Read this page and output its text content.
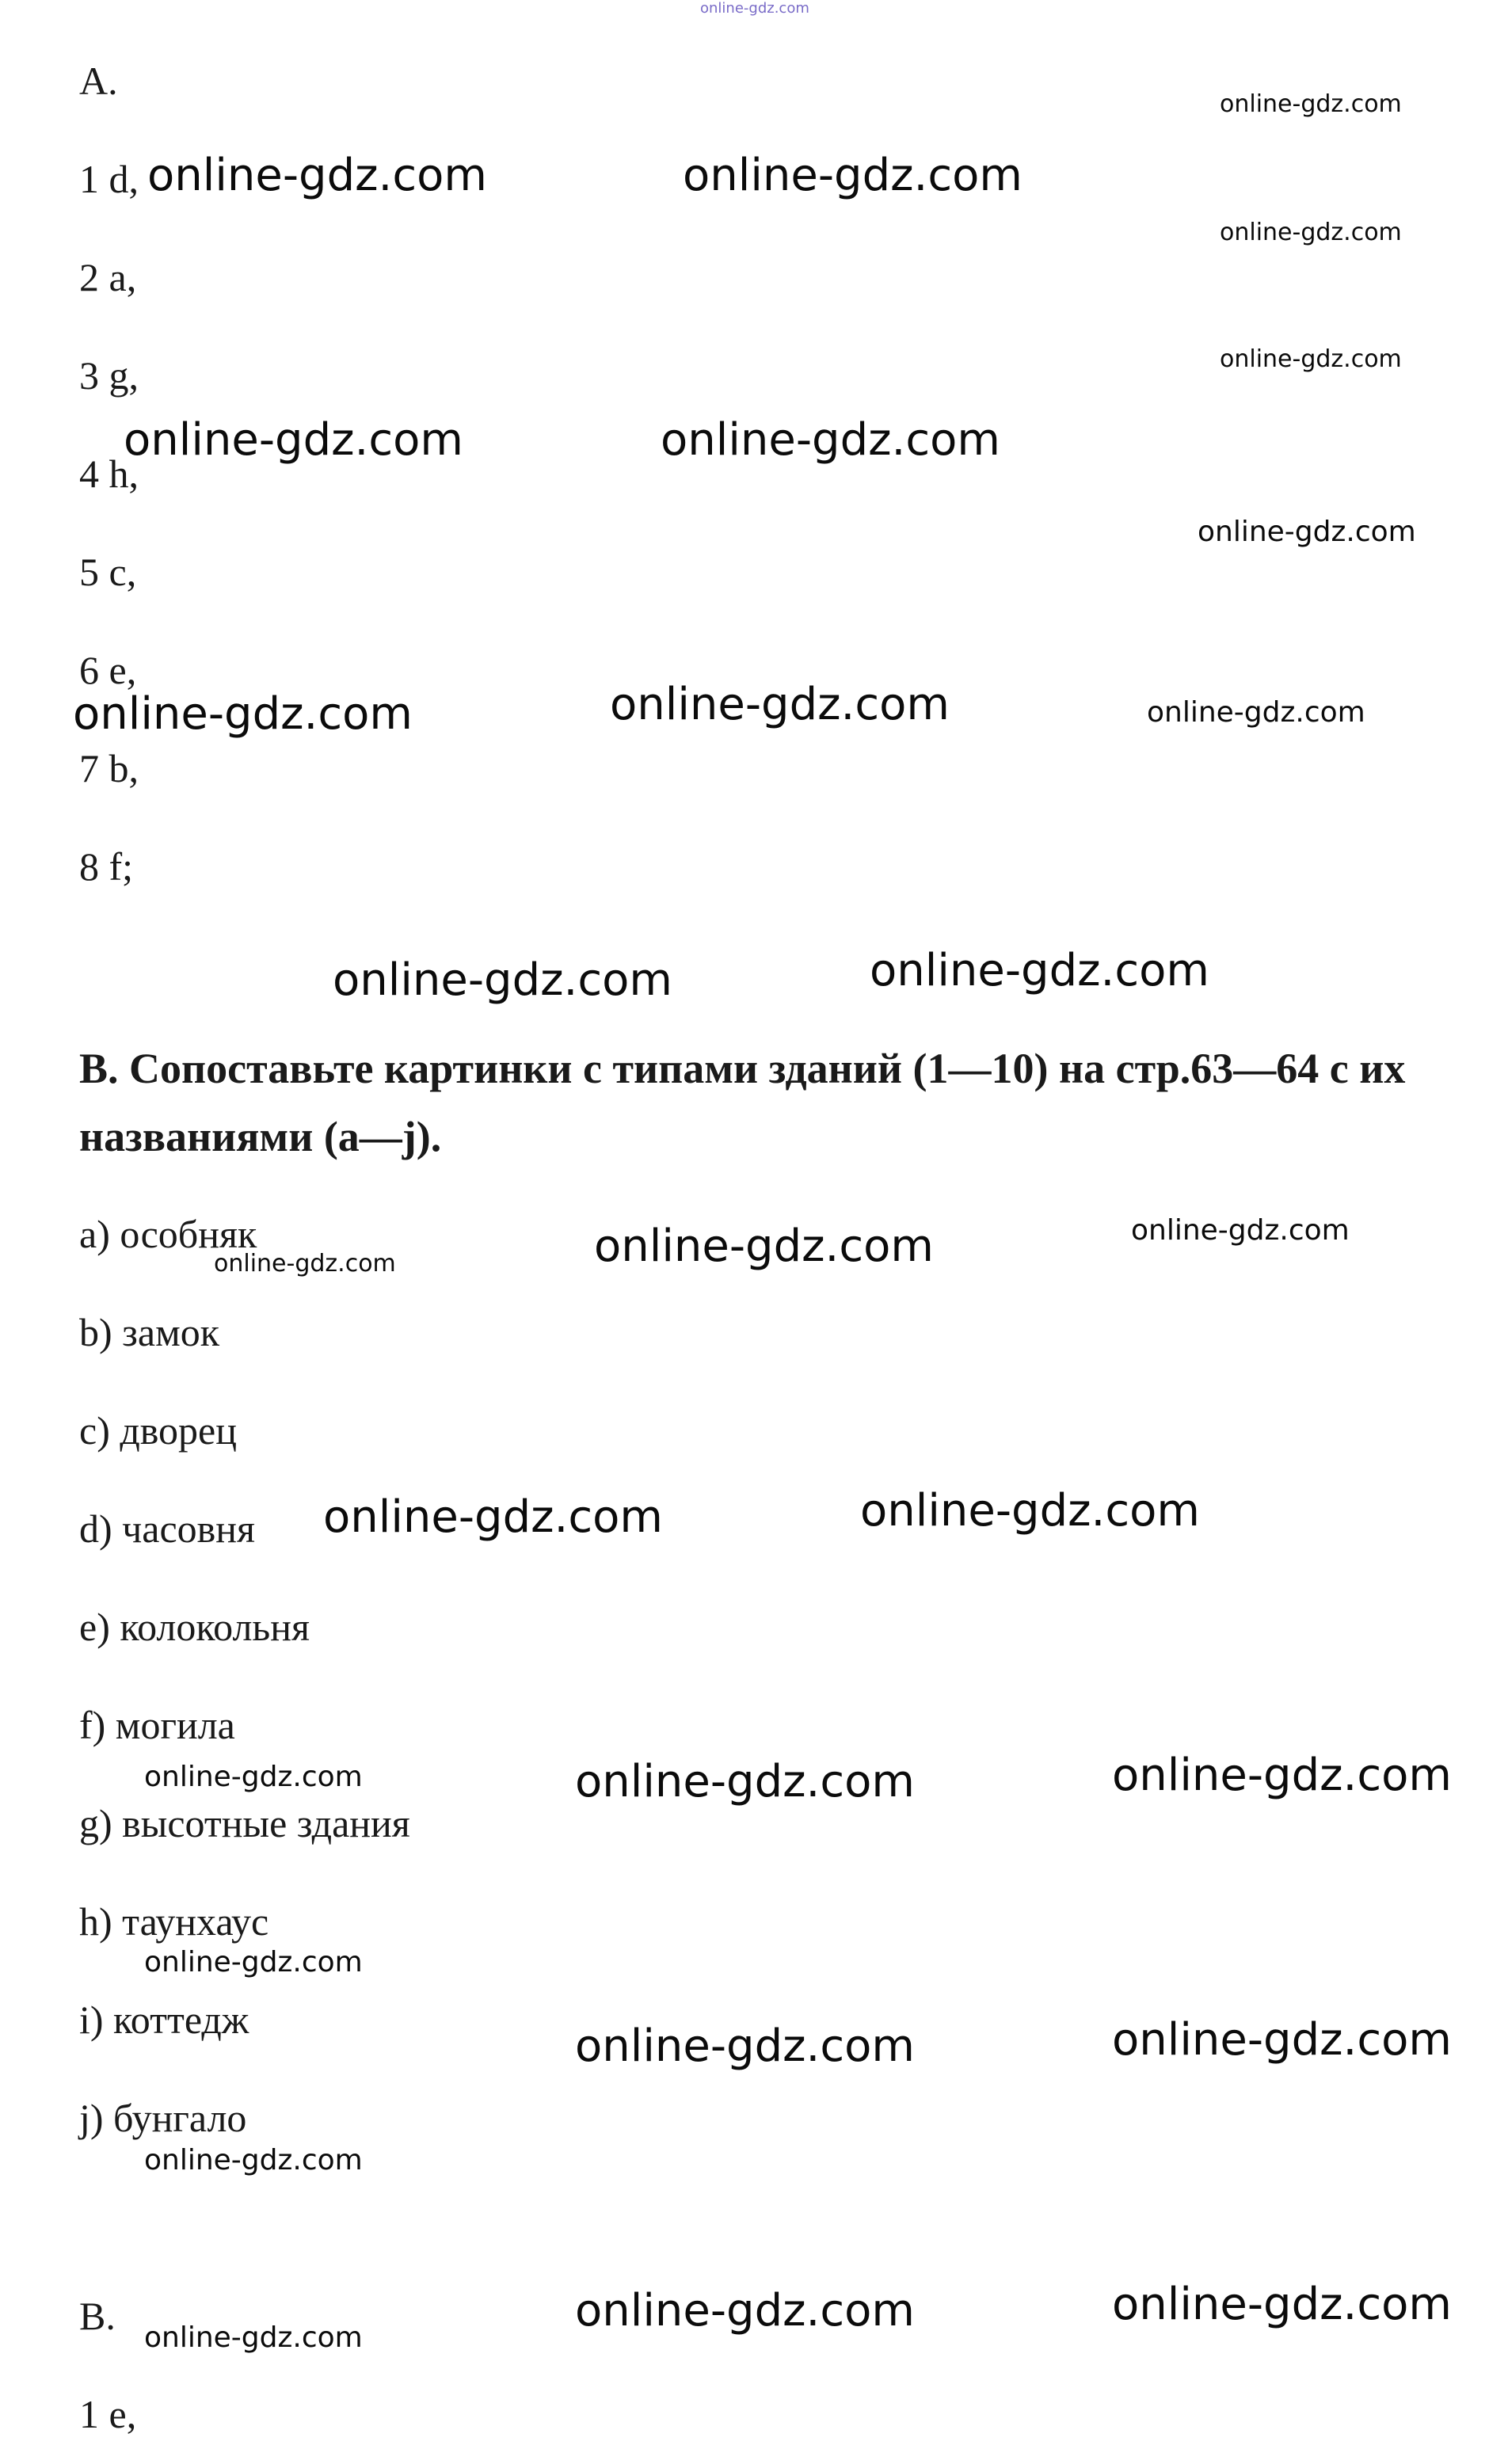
online-gdz.com
A.
1 d,
2 a,
3 g,
4 h,
5 c,
6 e,
7 b,
8 f;
B. Сопоставьте картинки с типами зданий (1—10) на стр.63—64 с их названиями (a—j).
a) особняк
b) замок
c) дворец
d) часовня
e) колокольня
f) могила
g) высотные здания
h) таунхаус
i) коттедж
j) бунгало
B.
1 e,
online-gdz.com
online-gdz.com	online-gdz.com
online-gdz.com
online-gdz.com
online-gdz.com	online-gdz.com
online-gdz.com
online-gdz.com	online-gdz.com	online-gdz.com
online-gdz.com	online-gdz.com
online-gdz.com
online-gdz.com
online-gdz.com
online-gdz.com	online-gdz.com
online-gdz.com	online-gdz.com	online-gdz.com
online-gdz.com
online-gdz.com	online-gdz.com
online-gdz.com
online-gdz.com	online-gdz.com
online-gdz.com
